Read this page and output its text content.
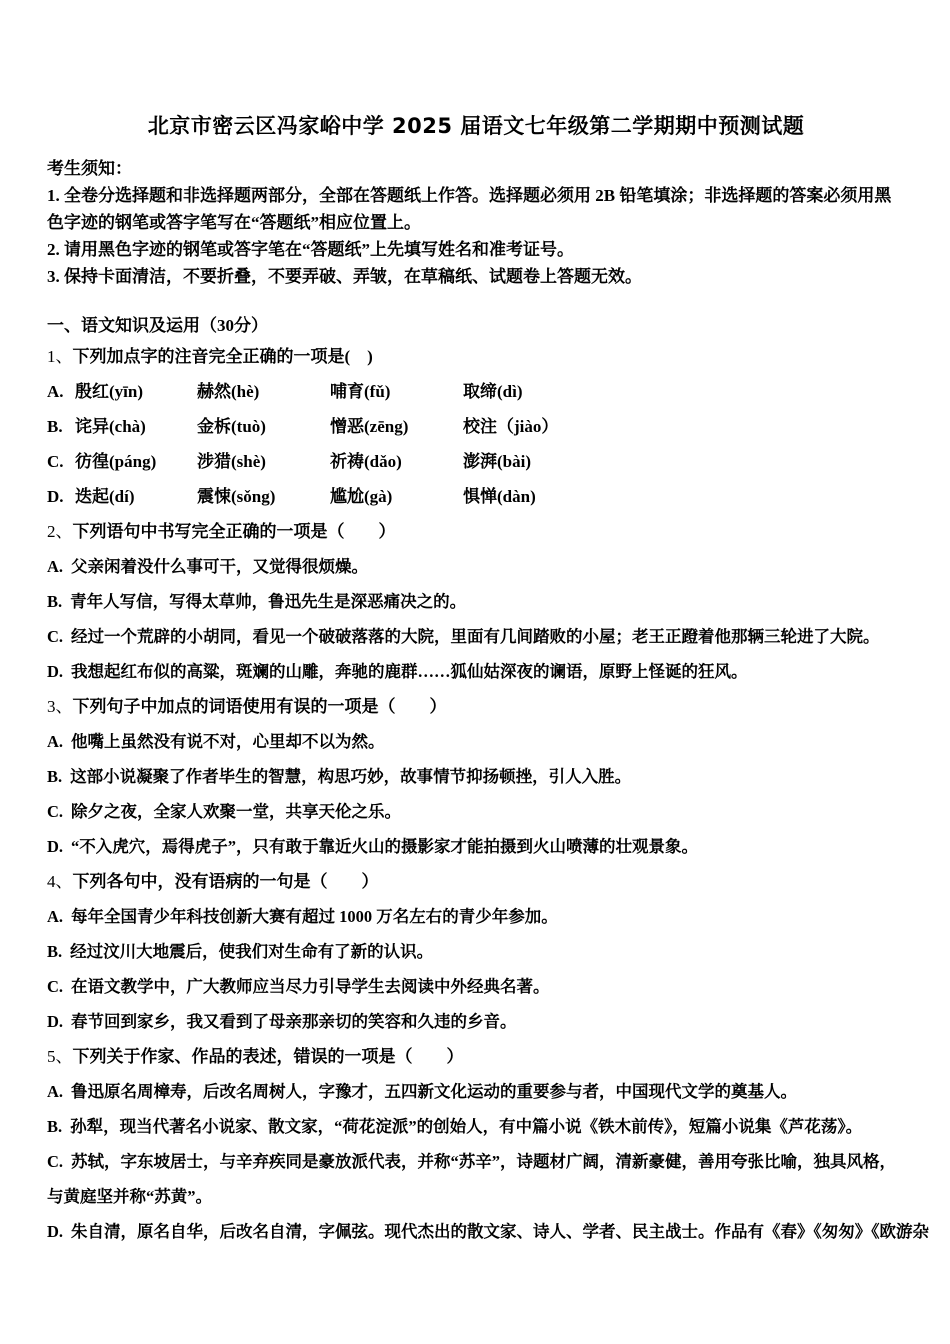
北京市密云区冯家峪中学 2025 届语文七年级第二学期期中预测试题

考生须知：

1. 全卷分选择题和非选择题两部分，全部在答题纸上作答。选择题必须用 2B 铅笔填涂；非选择题的答案必须用黑色字迹的钢笔或答字笔写在“答题纸”相应位置上。

2. 请用黑色字迹的钢笔或答字笔在“答题纸”上先填写姓名和准考证号。

3. 保持卡面清洁，不要折叠，不要弄破、弄皱，在草稿纸、试题卷上答题无效。

一、语文知识及运用（30分）

1、下列加点字的注音完全正确的一项是(　)

A. 殷红(yīn)	赫然(hè)	哺育(fǔ)	取缔(dì)

B. 诧异(chà)	金柝(tuò)	憎恶(zēng)	校注（jiào）

C. 彷徨(páng) 涉猎(shè)	祈祷(dǎo)	澎湃(bài)

D. 迭起(dí)	震悚(sǒng)	尴尬(gà)	惧惮(dàn)

2、下列语句中书写完全正确的一项是（　　）

A. 父亲闲着没什么事可干，又觉得很烦燥。

B. 青年人写信，写得太草帅，鲁迅先生是深恶痛决之的。

C. 经过一个荒辟的小胡同，看见一个破破落落的大院，里面有几间踏败的小屋；老王正蹬着他那辆三轮进了大院。

D. 我想起红布似的高粱，斑斓的山雕，奔驰的鹿群……狐仙姑深夜的谰语，原野上怪诞的狂风。

3、下列句子中加点的词语使用有误的一项是（　　）

A. 他嘴上虽然没有说不对，心里却不以为然。

B. 这部小说凝聚了作者毕生的智慧，构思巧妙，故事情节抑扬顿挫，引人入胜。

C. 除夕之夜，全家人欢聚一堂，共享天伦之乐。

D. “不入虎穴，焉得虎子”，只有敢于靠近火山的摄影家才能拍摄到火山喷薄的壮观景象。

4、下列各句中，没有语病的一句是（　　）

A. 每年全国青少年科技创新大赛有超过 1000 万名左右的青少年参加。

B. 经过汶川大地震后，使我们对生命有了新的认识。

C. 在语文教学中，广大教师应当尽力引导学生去阅读中外经典名著。

D. 春节回到家乡，我又看到了母亲那亲切的笑容和久违的乡音。

5、下列关于作家、作品的表述，错误的一项是（　　）

A. 鲁迅原名周樟寿，后改名周树人，字豫才，五四新文化运动的重要参与者，中国现代文学的奠基人。

B. 孙犁，现当代著名小说家、散文家，“荷花淀派”的创始人，有中篇小说《铁木前传》，短篇小说集《芦花荡》。

C. 苏轼，字东坡居士，与辛弃疾同是豪放派代表，并称“苏辛”，诗题材广阔，清新豪健，善用夸张比喻，独具风格，与黄庭坚并称“苏黄”。

D. 朱自清，原名自华，后改名自清，字佩弦。现代杰出的散文家、诗人、学者、民主战士。作品有《春》《匆匆》《欧游杂
